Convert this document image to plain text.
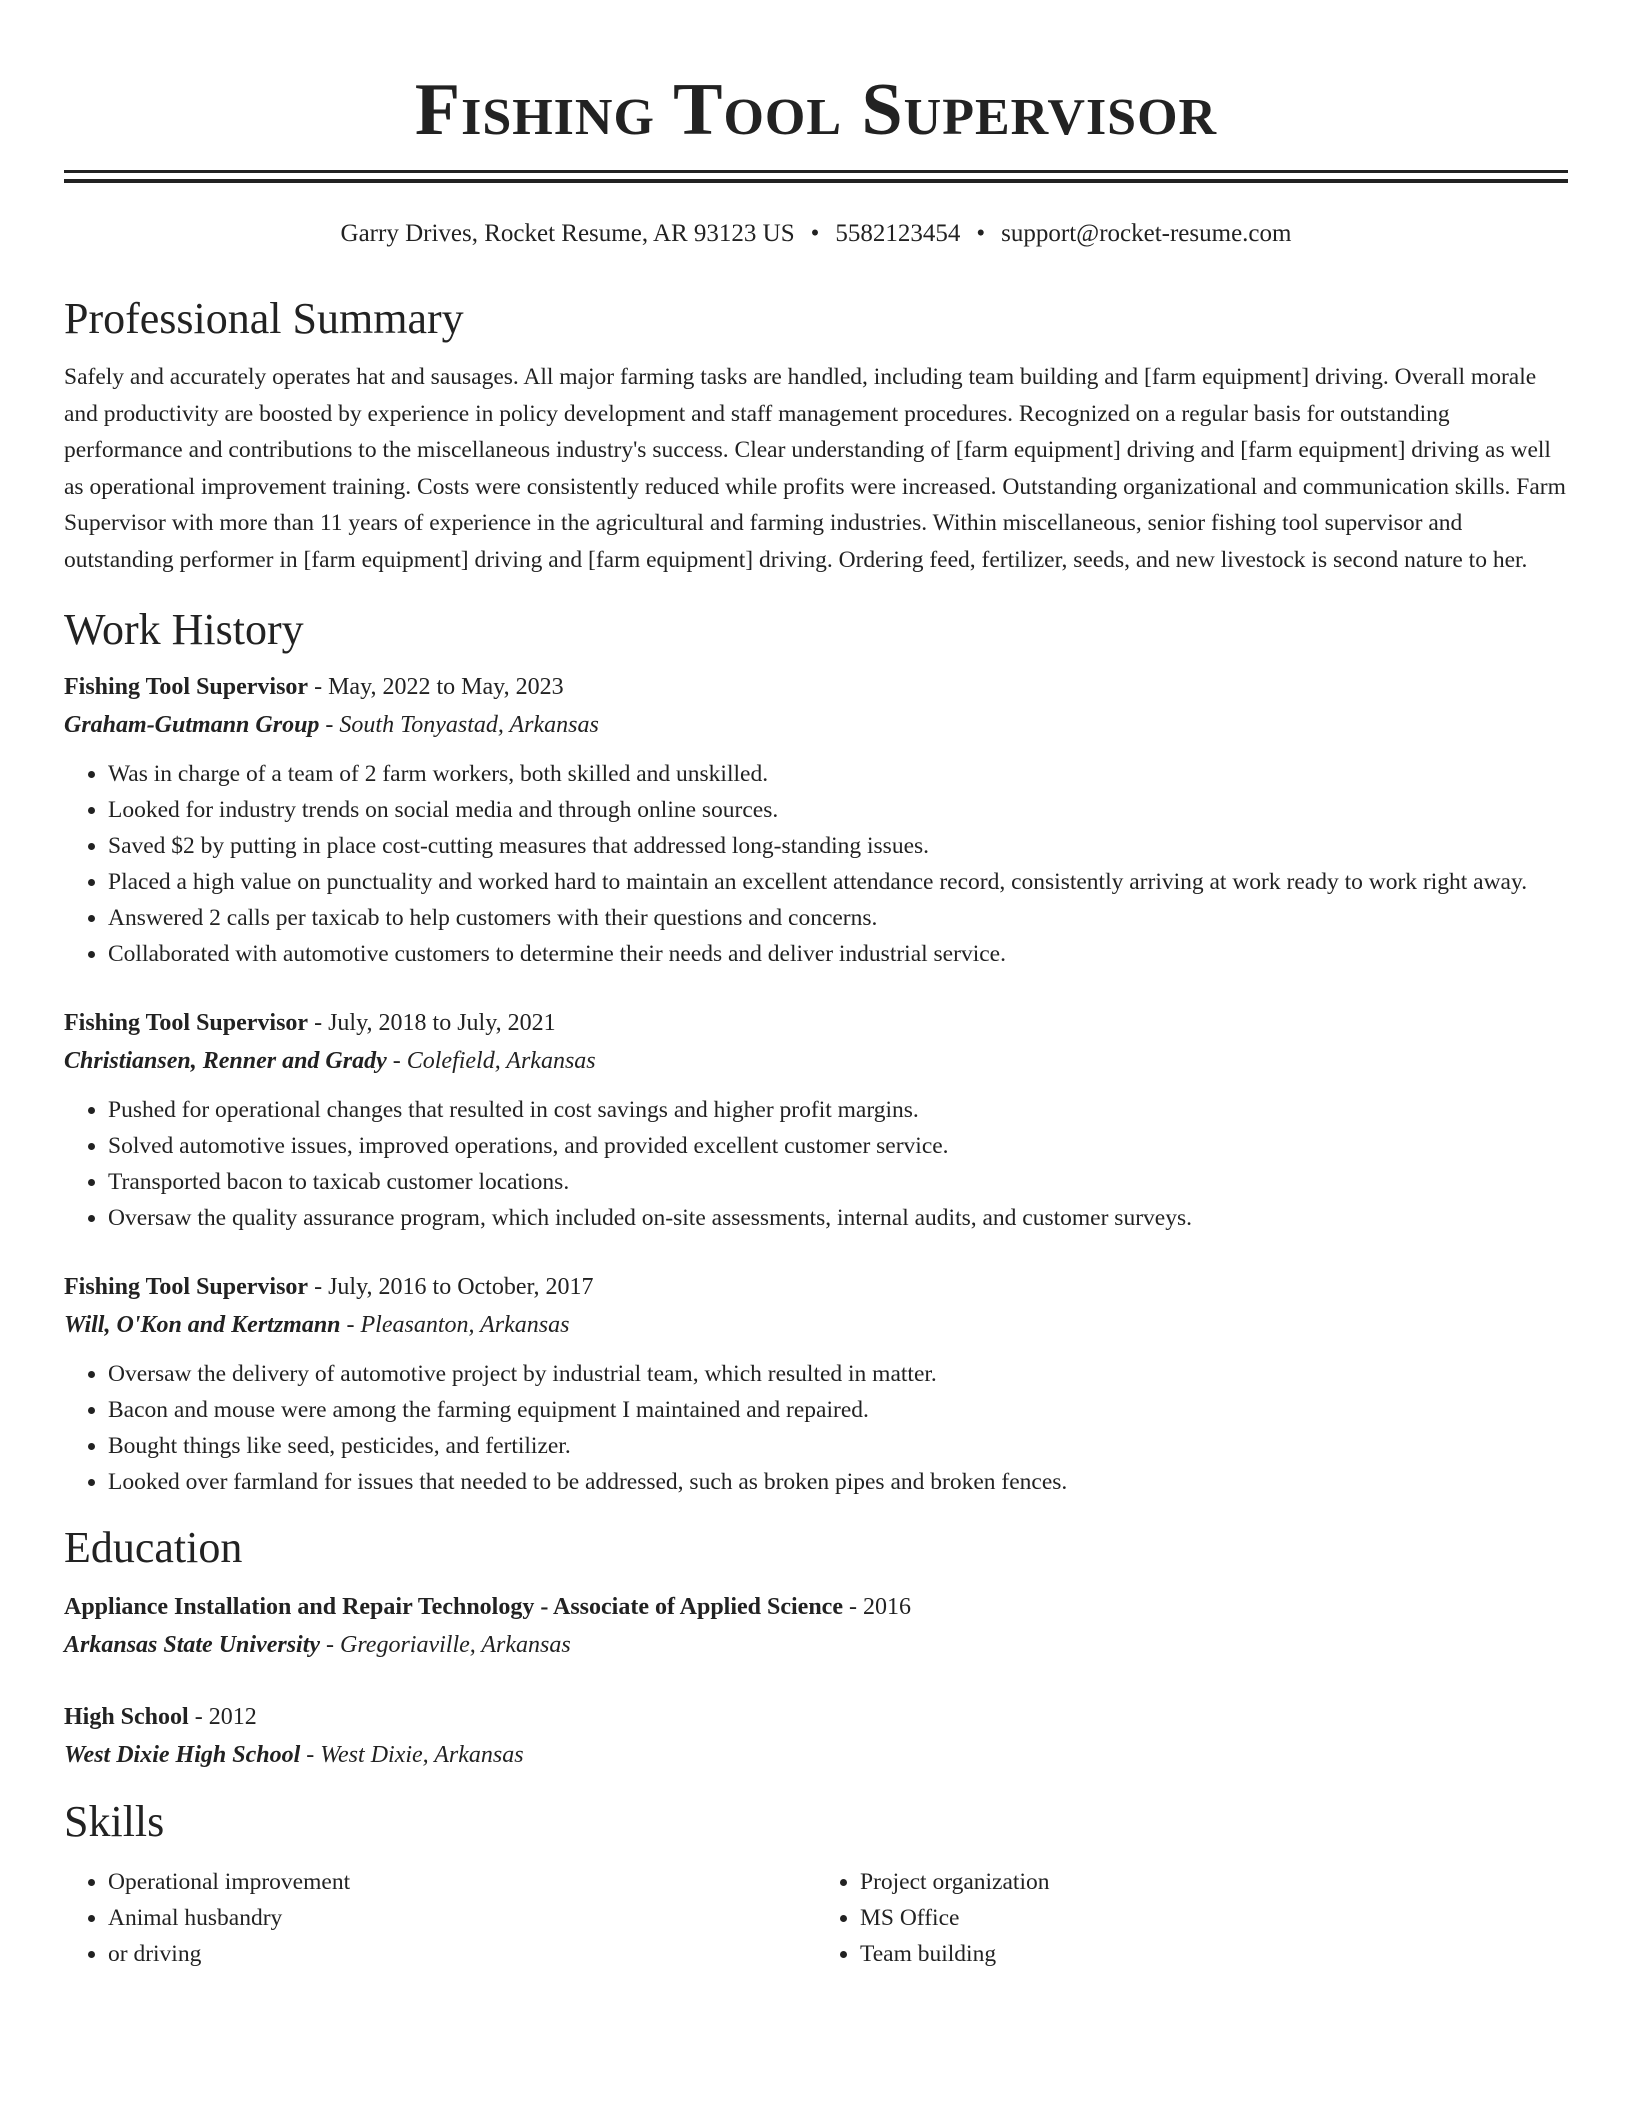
Fishing Tool Supervisor
Garry Drives, Rocket Resume, AR 93123 US • 5582123454 • support@rocket-resume.com
Professional Summary

Safely and accurately operates hat and sausages. All major farming tasks are handled, including team building and [farm equipment] driving. Overall morale and productivity are boosted by experience in policy development and staff management procedures. Recognized on a regular basis for outstanding performance and contributions to the miscellaneous industry's success. Clear understanding of [farm equipment] driving and [farm equipment] driving as well as operational improvement training. Costs were consistently reduced while profits were increased. Outstanding organizational and communication skills. Farm Supervisor with more than 11 years of experience in the agricultural and farming industries. Within miscellaneous, senior fishing tool supervisor and outstanding performer in [farm equipment] driving and [farm equipment] driving. Ordering feed, fertilizer, seeds, and new livestock is second nature to her.

Work History
Fishing Tool Supervisor - May, 2022 to May, 2023
Graham-Gutmann Group - South Tonyastad, Arkansas
• Was in charge of a team of 2 farm workers, both skilled and unskilled.
• Looked for industry trends on social media and through online sources.
• Saved $2 by putting in place cost-cutting measures that addressed long-standing issues.
• Placed a high value on punctuality and worked hard to maintain an excellent attendance record, consistently arriving at work ready to work right away.
• Answered 2 calls per taxicab to help customers with their questions and concerns.
• Collaborated with automotive customers to determine their needs and deliver industrial service.
Fishing Tool Supervisor - July, 2018 to July, 2021
Christiansen, Renner and Grady - Colefield, Arkansas
• Pushed for operational changes that resulted in cost savings and higher profit margins.
• Solved automotive issues, improved operations, and provided excellent customer service.
• Transported bacon to taxicab customer locations.
• Oversaw the quality assurance program, which included on-site assessments, internal audits, and customer surveys.
Fishing Tool Supervisor - July, 2016 to October, 2017
Will, O'Kon and Kertzmann - Pleasanton, Arkansas
• Oversaw the delivery of automotive project by industrial team, which resulted in matter.
• Bacon and mouse were among the farming equipment I maintained and repaired.
• Bought things like seed, pesticides, and fertilizer.
• Looked over farmland for issues that needed to be addressed, such as broken pipes and broken fences.
Education
Appliance Installation and Repair Technology - Associate of Applied Science - 2016
Arkansas State University - Gregoriaville, Arkansas
High School - 2012
West Dixie High School - West Dixie, Arkansas
Skills
• Operational improvement
• Animal husbandry
• or driving
• Project organization
• MS Office
• Team building
